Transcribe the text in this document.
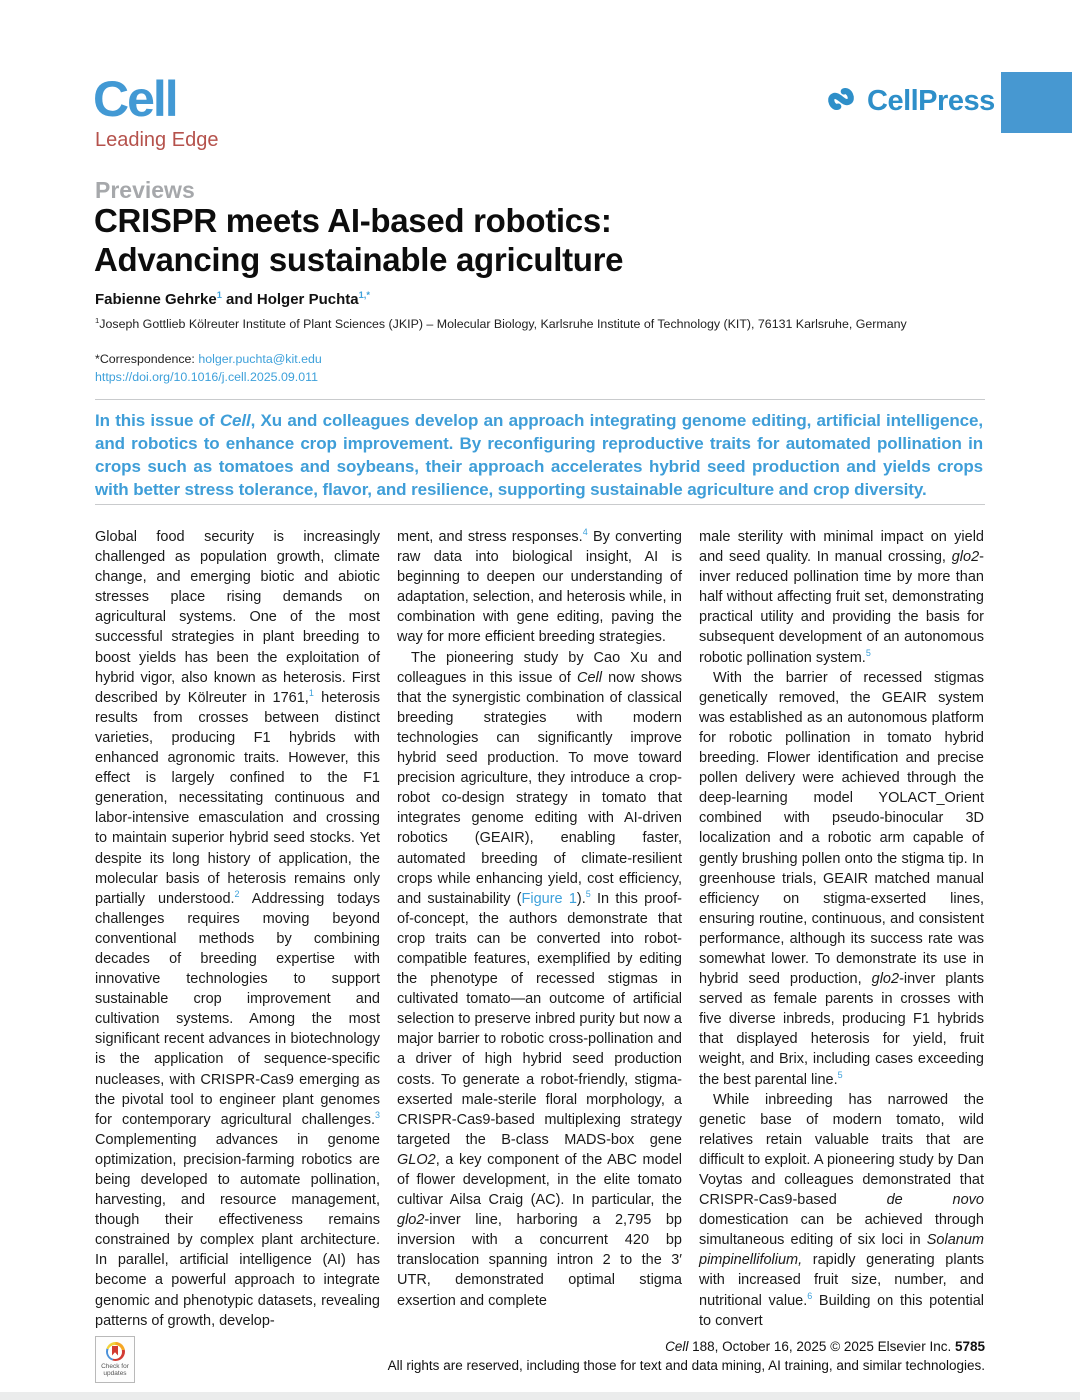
Cell
Leading Edge
CellPress
Previews
CRISPR meets AI-based robotics:
Advancing sustainable agriculture
Fabienne Gehrke$^1$ and Holger Puchta$^{1,*}$
$^1$Joseph Gottlieb Kölreuter Institute of Plant Sciences (JKIP) – Molecular Biology, Karlsruhe Institute of Technology (KIT), 76131 Karlsruhe, Germany
*Correspondence: holger.puchta@kit.edu
https://doi.org/10.1016/j.cell.2025.09.011
In this issue of Cell, Xu and colleagues develop an approach integrating genome editing, artificial intelligence, and robotics to enhance crop improvement. By reconfiguring reproductive traits for automated pollination in crops such as tomatoes and soybeans, their approach accelerates hybrid seed production and yields crops with better stress tolerance, flavor, and resilience, supporting sustainable agriculture and crop diversity.
Global food security is increasingly challenged as population growth, climate change, and emerging biotic and abiotic stresses place rising demands on agricultural systems. One of the most successful strategies in plant breeding to boost yields has been the exploitation of hybrid vigor, also known as heterosis. First described by Kölreuter in 1761,$^1$ heterosis results from crosses between distinct varieties, producing F1 hybrids with enhanced agronomic traits. However, this effect is largely confined to the F1 generation, necessitating continuous and labor-intensive emasculation and crossing to maintain superior hybrid seed stocks. Yet despite its long history of application, the molecular basis of heterosis remains only partially understood.$^2$ Addressing todays challenges requires moving beyond conventional methods by combining decades of breeding expertise with innovative technologies to support sustainable crop improvement and cultivation systems. Among the most significant recent advances in biotechnology is the application of sequence-specific nucleases, with CRISPR-Cas9 emerging as the pivotal tool to engineer plant genomes for contemporary agricultural challenges.$^3$ Complementing advances in genome optimization, precision-farming robotics are being developed to automate pollination, harvesting, and resource management, though their effectiveness remains constrained by complex plant architecture. In parallel, artificial intelligence (AI) has become a powerful approach to integrate genomic and phenotypic datasets, revealing patterns of growth, develop-
ment, and stress responses.$^4$ By converting raw data into biological insight, AI is beginning to deepen our understanding of adaptation, selection, and heterosis while, in combination with gene editing, paving the way for more efficient breeding strategies.
The pioneering study by Cao Xu and colleagues in this issue of Cell now shows that the synergistic combination of classical breeding strategies with modern technologies can significantly improve hybrid seed production. To move toward precision agriculture, they introduce a crop-robot co-design strategy in tomato that integrates genome editing with AI-driven robotics (GEAIR), enabling faster, automated breeding of climate-resilient crops while enhancing yield, cost efficiency, and sustainability (Figure 1).$^5$ In this proof-of-concept, the authors demonstrate that crop traits can be converted into robot-compatible features, exemplified by editing the phenotype of recessed stigmas in cultivated tomato—an outcome of artificial selection to preserve inbred purity but now a major barrier to robotic cross-pollination and a driver of high hybrid seed production costs. To generate a robot-friendly, stigma-exserted male-sterile floral morphology, a CRISPR-Cas9-based multiplexing strategy targeted the B-class MADS-box gene GLO2, a key component of the ABC model of flower development, in the elite tomato cultivar Ailsa Craig (AC). In particular, the glo2-inver line, harboring a 2,795 bp inversion with a concurrent 420 bp translocation spanning intron 2 to the 3′ UTR, demonstrated optimal stigma exsertion and complete
male sterility with minimal impact on yield and seed quality. In manual crossing, glo2-inver reduced pollination time by more than half without affecting fruit set, demonstrating practical utility and providing the basis for subsequent development of an autonomous robotic pollination system.$^5$
With the barrier of recessed stigmas genetically removed, the GEAIR system was established as an autonomous platform for robotic pollination in tomato hybrid breeding. Flower identification and precise pollen delivery were achieved through the deep-learning model YOLACT_Orient combined with pseudo-binocular 3D localization and a robotic arm capable of gently brushing pollen onto the stigma tip. In greenhouse trials, GEAIR matched manual efficiency on stigma-exserted lines, ensuring routine, continuous, and consistent performance, although its success rate was somewhat lower. To demonstrate its use in hybrid seed production, glo2-inver plants served as female parents in crosses with five diverse inbreds, producing F1 hybrids that displayed heterosis for yield, fruit weight, and Brix, including cases exceeding the best parental line.$^5$
While inbreeding has narrowed the genetic base of modern tomato, wild relatives retain valuable traits that are difficult to exploit. A pioneering study by Dan Voytas and colleagues demonstrated that CRISPR-Cas9-based de novo domestication can be achieved through simultaneous editing of six loci in Solanum pimpinellifolium, rapidly generating plants with increased fruit size, number, and nutritional value.$^6$ Building on this potential to convert
Check for
updates
Cell 188, October 16, 2025 © 2025 Elsevier Inc. 5785
All rights are reserved, including those for text and data mining, AI training, and similar technologies.
